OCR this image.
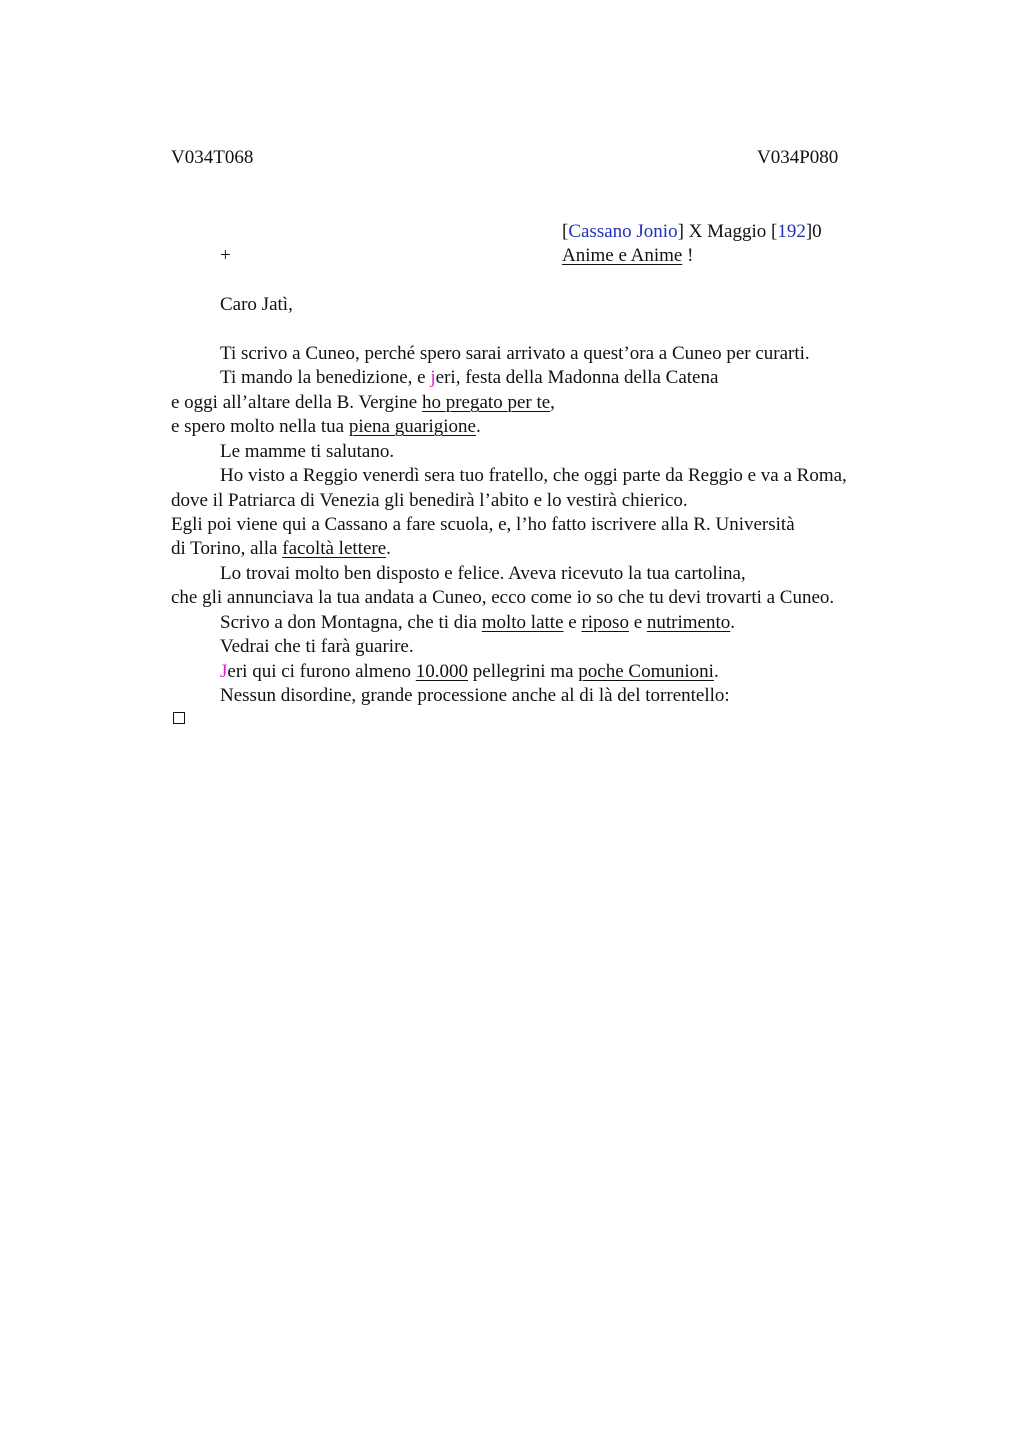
V034T068	V034P080
[Cassano Jonio] X Maggio [192]0
+	Anime e Anime !
Caro Jatì,
Ti scrivo a Cuneo, perché spero sarai arrivato a quest’ora a Cuneo per curarti.
Ti mando la benedizione, e jeri, festa della Madonna della Catena
e oggi all’altare della B. Vergine ho pregato per te,
e spero molto nella tua piena guarigione.
Le mamme ti salutano.
Ho visto a Reggio venerdì sera tuo fratello, che oggi parte da Reggio e va a Roma,
dove il Patriarca di Venezia gli benedirà l’abito e lo vestirà chierico.
Egli poi viene qui a Cassano a fare scuola, e, l’ho fatto iscrivere alla R. Università
di Torino, alla facoltà lettere.
Lo trovai molto ben disposto e felice. Aveva ricevuto la tua cartolina,
che gli annunciava la tua andata a Cuneo, ecco come io so che tu devi trovarti a Cuneo.
Scrivo a don Montagna, che ti dia molto latte e riposo e nutrimento.
Vedrai che ti farà guarire.
Jeri qui ci furono almeno 10.000 pellegrini ma poche Comunioni.
Nessun disordine, grande processione anche al di là del torrentello:
